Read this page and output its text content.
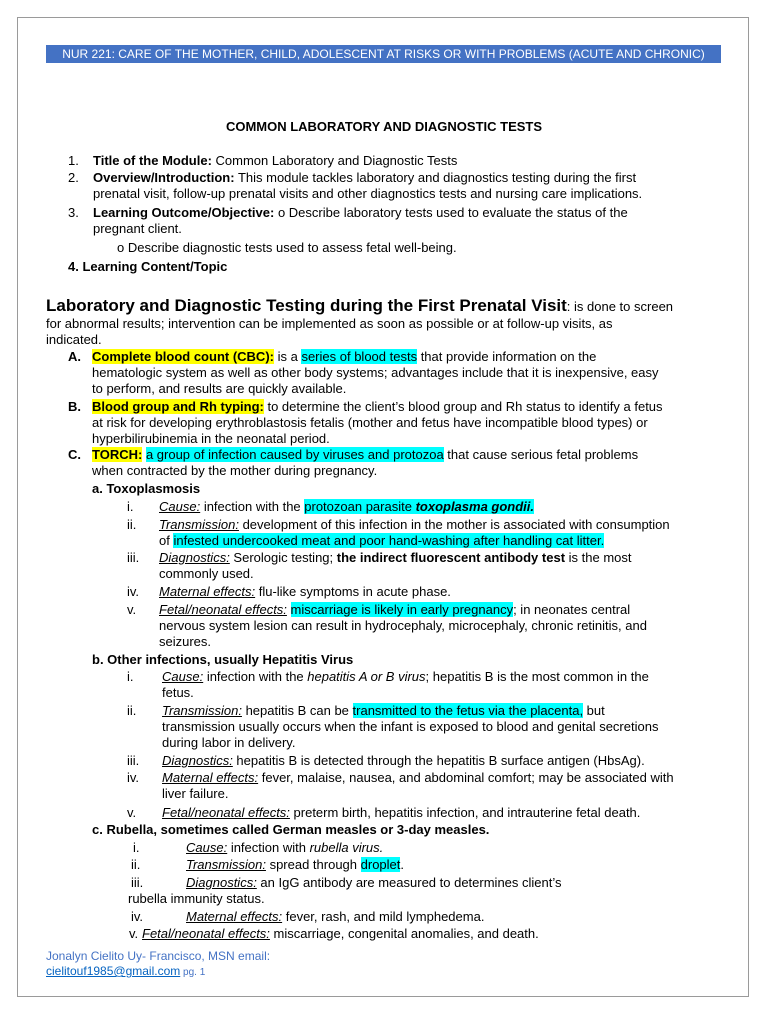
NUR 221: CARE OF THE MOTHER, CHILD, ADOLESCENT AT RISKS OR WITH PROBLEMS (ACUTE AND CHRONIC)
COMMON LABORATORY AND DIAGNOSTIC TESTS
1. Title of the Module: Common Laboratory and Diagnostic Tests
2. Overview/Introduction: This module tackles laboratory and diagnostics testing during the first
prenatal visit, follow-up prenatal visits and other diagnostics tests and nursing care implications.
3. Learning Outcome/Objective: o Describe laboratory tests used to evaluate the status of the
pregnant client.
o Describe diagnostic tests used to assess fetal well-being.
4. Learning Content/Topic
Laboratory and Diagnostic Testing during the First Prenatal Visit: is done to screen
for abnormal results; intervention can be implemented as soon as possible or at follow-up visits, as
indicated.
A. Complete blood count (CBC): is a series of blood tests that provide information on the
hematologic system as well as other body systems; advantages include that it is inexpensive, easy
to perform, and results are quickly available.
B. Blood group and Rh typing: to determine the client’s blood group and Rh status to identify a fetus
at risk for developing erythroblastosis fetalis (mother and fetus have incompatible blood types) or
hyperbilirubinemia in the neonatal period.
C. TORCH: a group of infection caused by viruses and protozoa that cause serious fetal problems
when contracted by the mother during pregnancy.
a. Toxoplasmosis
i. Cause: infection with the protozoan parasite toxoplasma gondii.
ii. Transmission: development of this infection in the mother is associated with consumption
of infested undercooked meat and poor hand-washing after handling cat litter.
iii. Diagnostics: Serologic testing; the indirect fluorescent antibody test is the most
commonly used.
iv. Maternal effects: flu-like symptoms in acute phase.
v. Fetal/neonatal effects: miscarriage is likely in early pregnancy; in neonates central
nervous system lesion can result in hydrocephaly, microcephaly, chronic retinitis, and
seizures.
b. Other infections, usually Hepatitis Virus
i. Cause: infection with the hepatitis A or B virus; hepatitis B is the most common in the
fetus.
ii. Transmission: hepatitis B can be transmitted to the fetus via the placenta, but
transmission usually occurs when the infant is exposed to blood and genital secretions
during labor in delivery.
iii. Diagnostics: hepatitis B is detected through the hepatitis B surface antigen (HbsAg).
iv. Maternal effects: fever, malaise, nausea, and abdominal comfort; may be associated with
liver failure.
v. Fetal/neonatal effects: preterm birth, hepatitis infection, and intrauterine fetal death.
c. Rubella, sometimes called German measles or 3-day measles.
i.	Cause: infection with rubella virus.
ii.	Transmission: spread through droplet.
iii.	Diagnostics: an IgG antibody are measured to determines client’s
rubella immunity status.
iv.	Maternal effects: fever, rash, and mild lymphedema.
v. Fetal/neonatal effects: miscarriage, congenital anomalies, and death.
Jonalyn Cielito Uy- Francisco, MSN email:
cielitouf1985@gmail.com pg. 1
